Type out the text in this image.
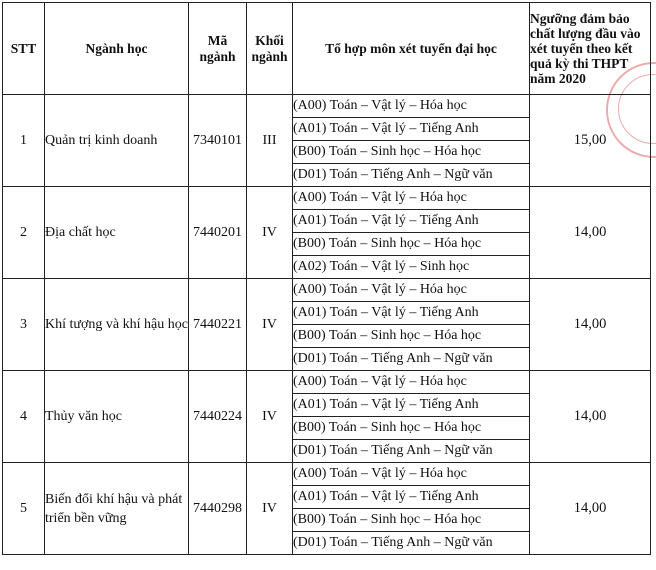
STT	Ngành học	Mã ngành	Khối ngành	Tổ hợp môn xét tuyển đại học	Ngưỡng đảm bảo chất lượng đầu vào xét tuyển theo kết quả kỳ thi THPT năm 2020
1	Quản trị kinh doanh	7340101	III	(A00) Toán – Vật lý – Hóa học	15,00
				(A01) Toán – Vật lý – Tiếng Anh	
				(B00) Toán – Sinh học – Hóa học	
				(D01) Toán – Tiếng Anh – Ngữ văn	
2	Địa chất học	7440201	IV	(A00) Toán – Vật lý – Hóa học	14,00
				(A01) Toán – Vật lý – Tiếng Anh	
				(B00) Toán – Sinh học – Hóa học	
				(A02) Toán – Vật lý – Sinh học	
3	Khí tượng và khí hậu học	7440221	IV	(A00) Toán – Vật lý – Hóa học	14,00
				(A01) Toán – Vật lý – Tiếng Anh	
				(B00) Toán – Sinh học – Hóa học	
				(D01) Toán – Tiếng Anh – Ngữ văn	
4	Thủy văn học	7440224	IV	(A00) Toán – Vật lý – Hóa học	14,00
				(A01) Toán – Vật lý – Tiếng Anh	
				(B00) Toán – Sinh học – Hóa học	
				(D01) Toán – Tiếng Anh – Ngữ văn	
5	Biến đổi khí hậu và phát triển bền vững	7440298	IV	(A00) Toán – Vật lý – Hóa học	14,00
				(A01) Toán – Vật lý – Tiếng Anh	
				(B00) Toán – Sinh học – Hóa học	
				(D01) Toán – Tiếng Anh – Ngữ văn	
